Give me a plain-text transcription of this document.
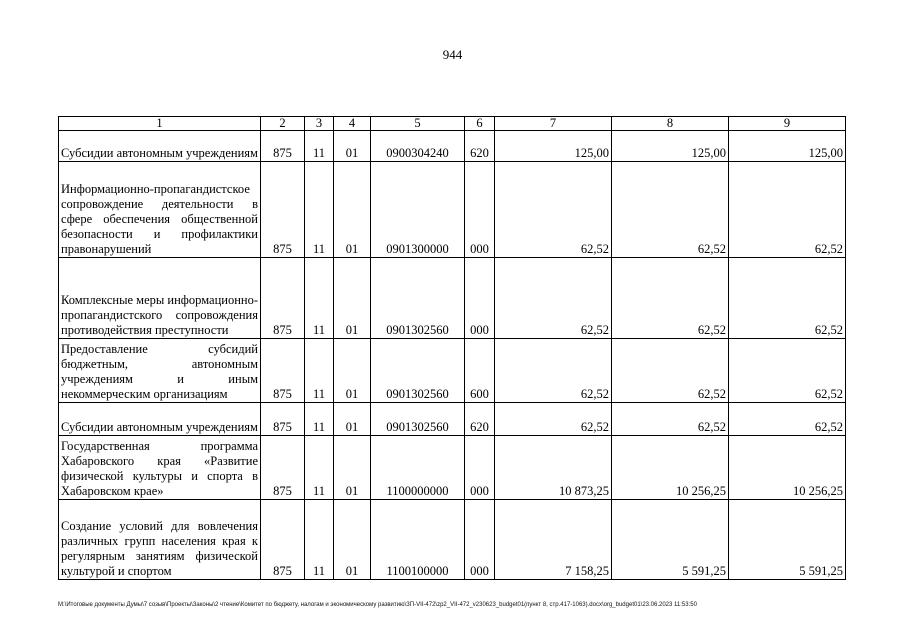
944
1	2	3	4	5	6	7	8	9
Субсидии автономным учреждениям	875	11	01	0900304240	620	125,00	125,00	125,00
Информационно-пропагандистское сопровождение деятельности в сфере обеспечения общественной безопасности и профилактики правонарушений	875	11	01	0901300000	000	62,52	62,52	62,52
Комплексные меры информационно-пропагандистского сопровождения противодействия преступности	875	11	01	0901302560	000	62,52	62,52	62,52
Предоставление субсидий бюджетным, автономным учреждениям и иным некоммерческим организациям	875	11	01	0901302560	600	62,52	62,52	62,52
Субсидии автономным учреждениям	875	11	01	0901302560	620	62,52	62,52	62,52
Государственная программа Хабаровского края «Развитие физической культуры и спорта в Хабаровском крае»	875	11	01	1100000000	000	10 873,25	10 256,25	10 256,25
Создание условий для вовлечения различных групп населения края к регулярным занятиям физической культурой и спортом	875	11	01	1100100000	000	7 158,25	5 591,25	5 591,25
M:\Итоговые документы Думы\7 созыв\Проекты\Законы\2 чтение\Комитет по бюджету, налогам и экономическому развитию\ЗП-VII-472\zp2_VII-472_v230623_budget01(пункт 8, стр.417-1063).docx\org_budget01\23.06.2023 11:53:50
